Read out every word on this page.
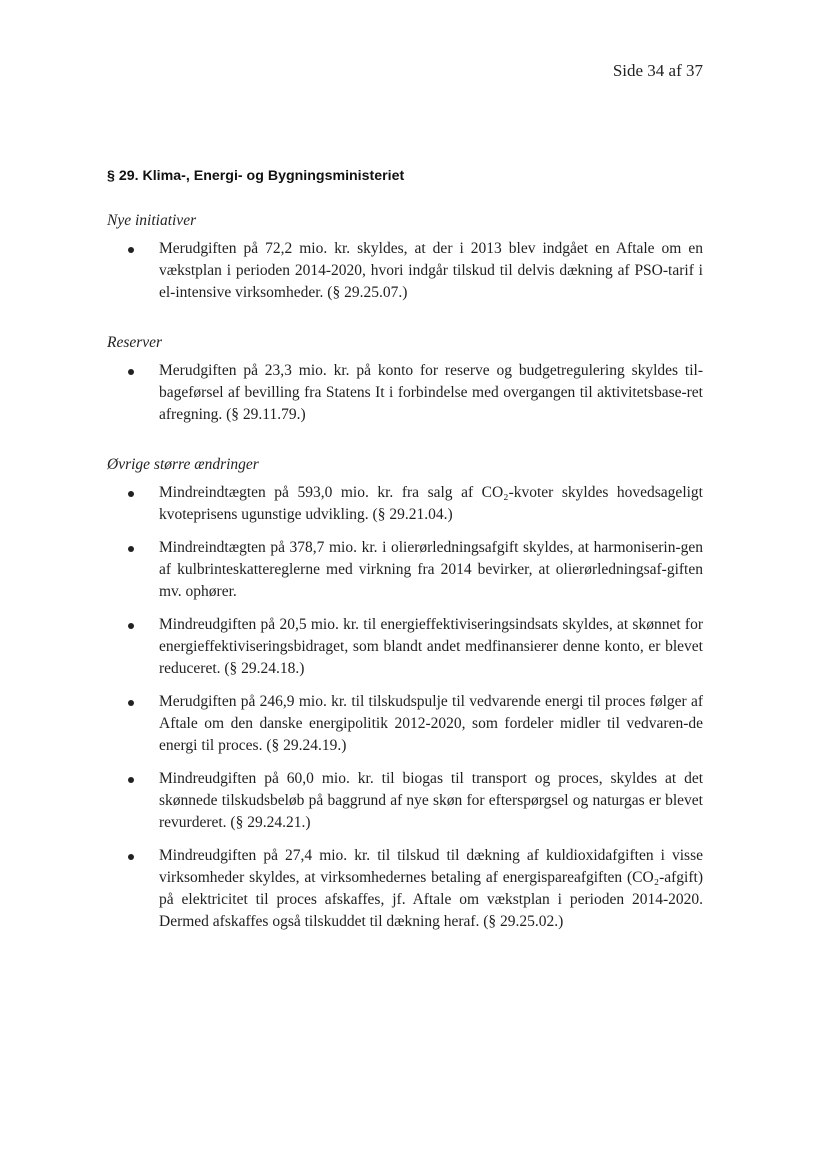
Side 34 af 37
§ 29. Klima-, Energi- og Bygningsministeriet
Nye initiativer
Merudgiften på 72,2 mio. kr. skyldes, at der i 2013 blev indgået en Aftale om en vækstplan i perioden 2014-2020, hvori indgår tilskud til delvis dækning af PSO-tarif i el-intensive virksomheder. (§ 29.25.07.)
Reserver
Merudgiften på 23,3 mio. kr. på konto for reserve og budgetregulering skyldes til-bageførsel af bevilling fra Statens It i forbindelse med overgangen til aktivitetsbase-ret afregning. (§ 29.11.79.)
Øvrige større ændringer
Mindreindtægten på 593,0 mio. kr. fra salg af CO₂-kvoter skyldes hovedsageligt kvoteprisens ugunstige udvikling. (§ 29.21.04.)
Mindreindtægten på 378,7 mio. kr. i olierørledningsafgift skyldes, at harmoniserin-gen af kulbrinteskattereglerne med virkning fra 2014 bevirker, at olierørledningsaf-giften mv. ophører.
Mindreudgiften på 20,5 mio. kr. til energieffektiviseringsindsats skyldes, at skønnet for energieffektiviseringsbidraget, som blandt andet medfinansierer denne konto, er blevet reduceret. (§ 29.24.18.)
Merudgiften på 246,9 mio. kr. til tilskudspulje til vedvarende energi til proces følger af Aftale om den danske energipolitik 2012-2020, som fordeler midler til vedvaren-de energi til proces. (§ 29.24.19.)
Mindreudgiften på 60,0 mio. kr. til biogas til transport og proces, skyldes at det skønnede tilskudsbeløb på baggrund af nye skøn for efterspørgsel og naturgas er blevet revurderet. (§ 29.24.21.)
Mindreudgiften på 27,4 mio. kr. til tilskud til dækning af kuldioxidafgiften i visse virksomheder skyldes, at virksomhedernes betaling af energispareafgiften (CO₂-afgift) på elektricitet til proces afskaffes, jf. Aftale om vækstplan i perioden 2014-2020. Dermed afskaffes også tilskuddet til dækning heraf. (§ 29.25.02.)
